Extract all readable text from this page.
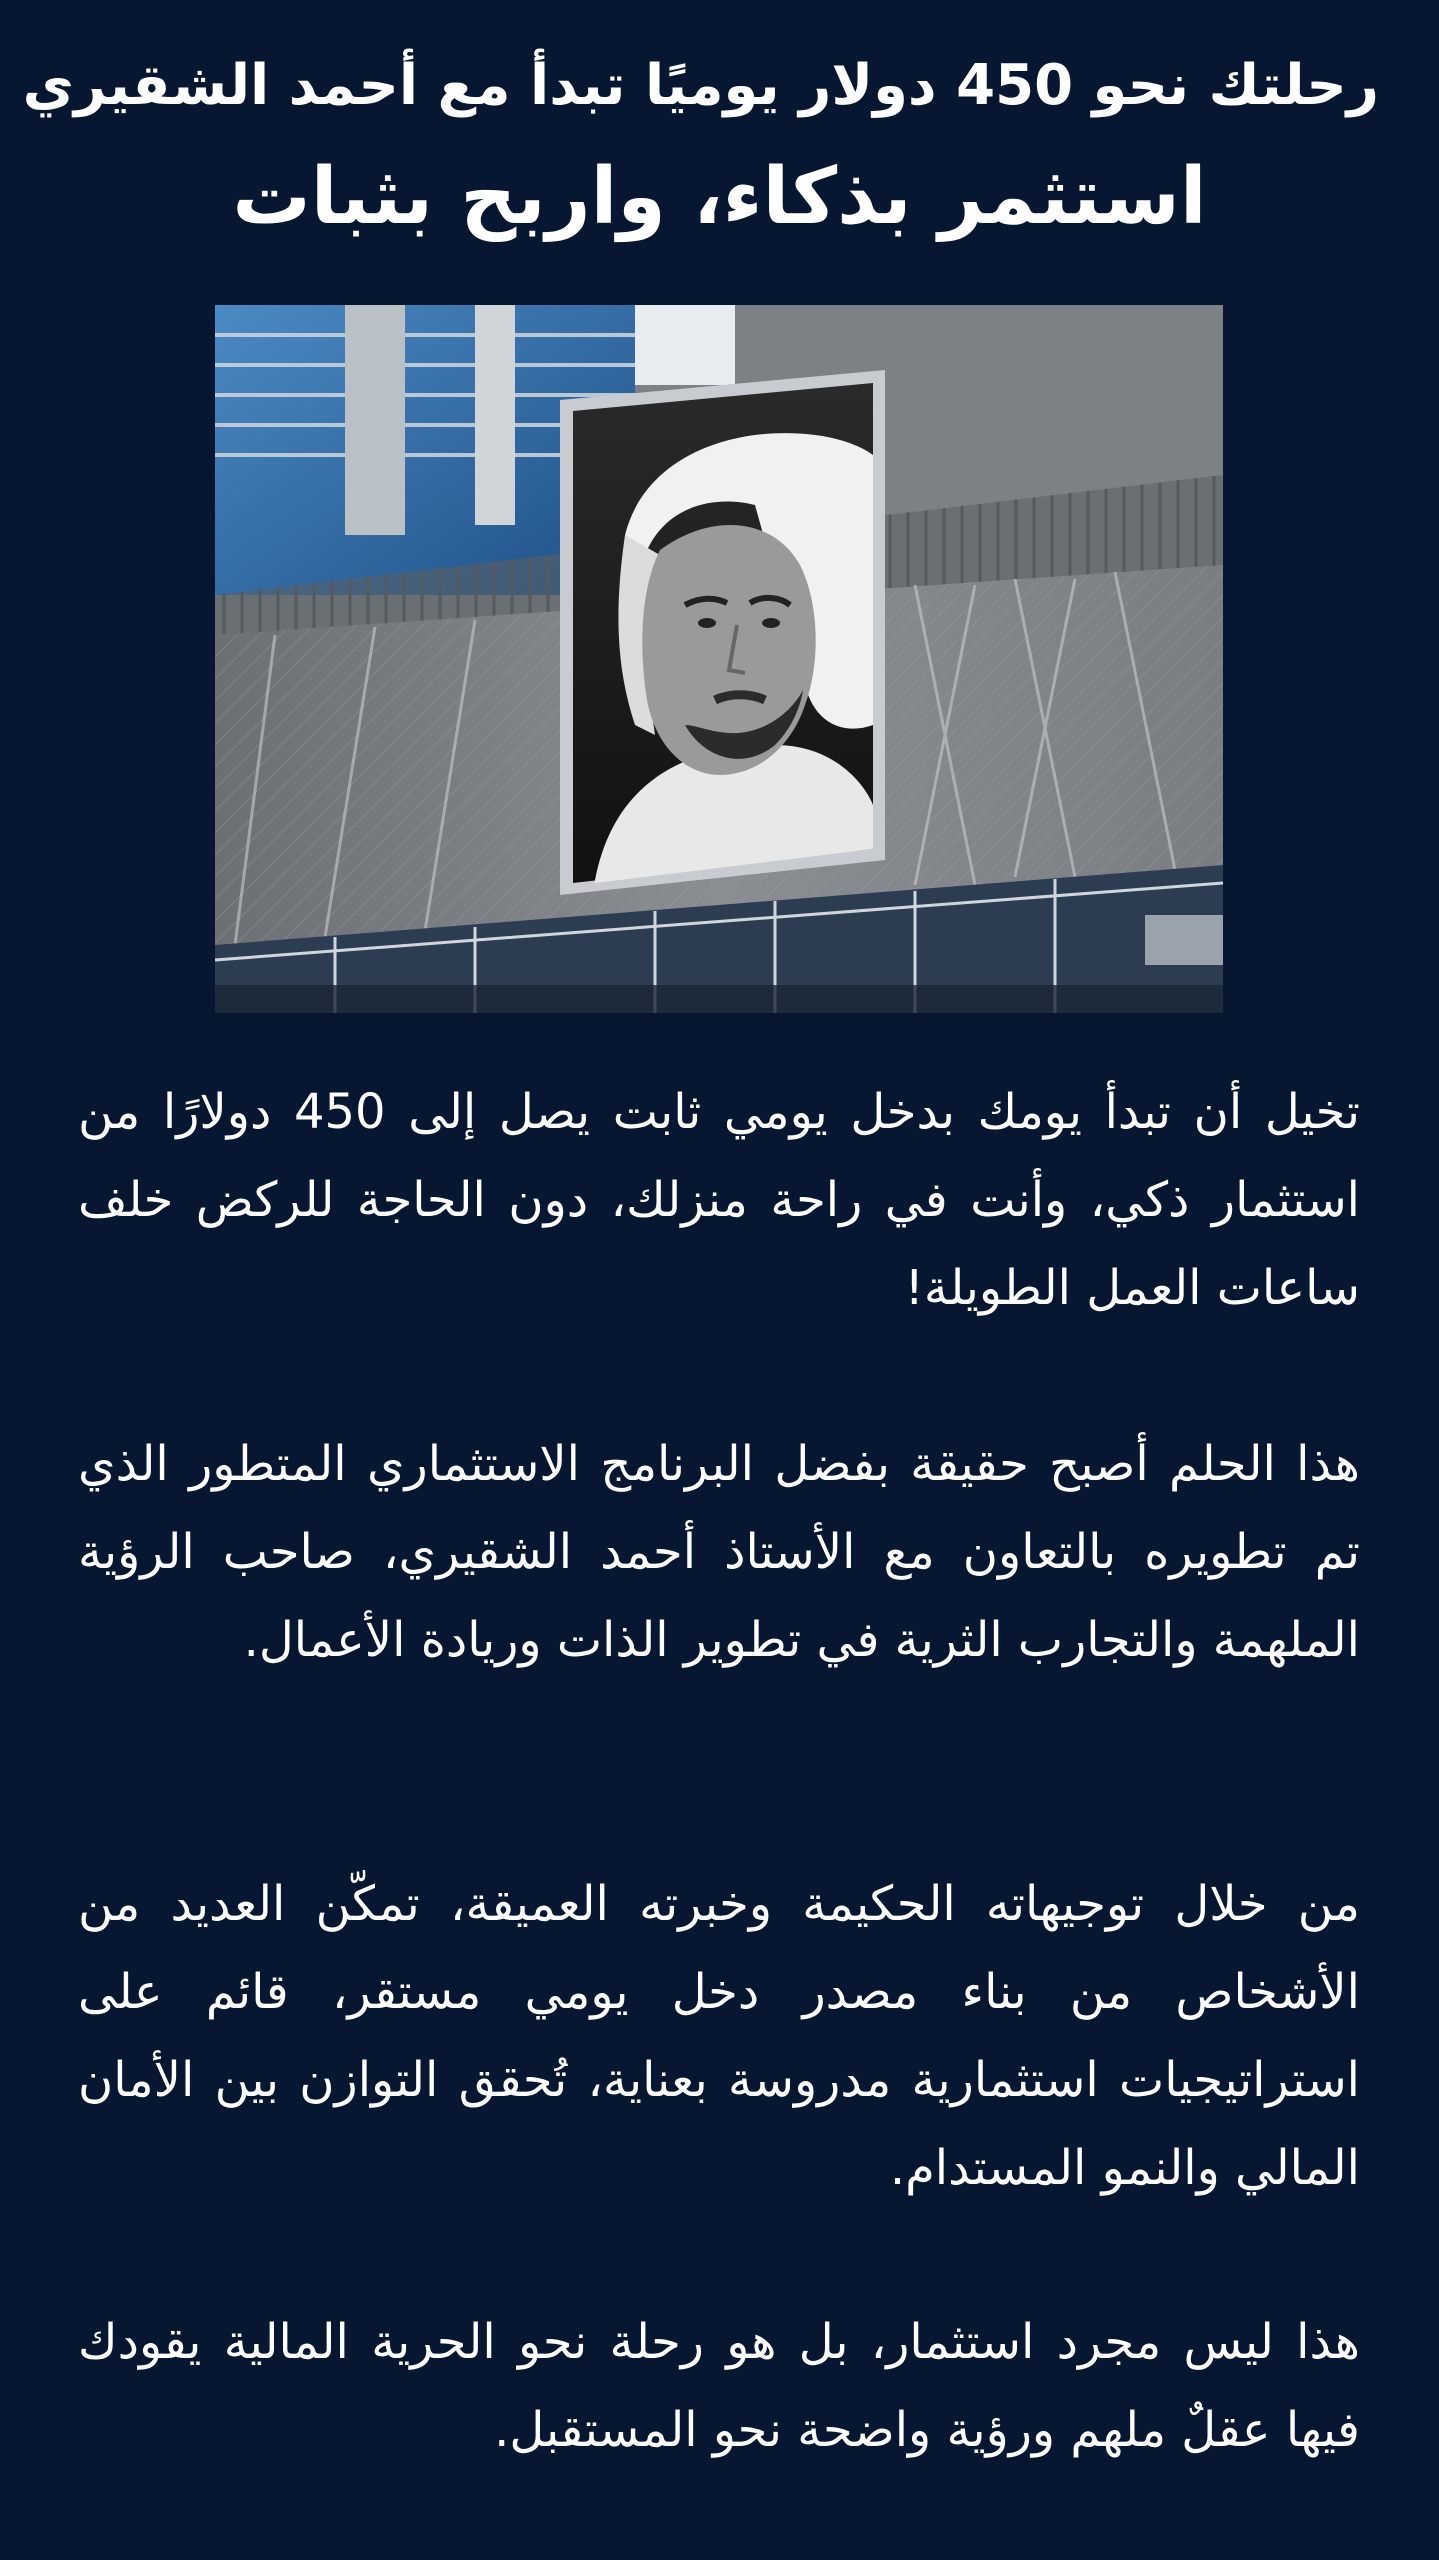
رحلتك نحو 450 دولار يوميًا تبدأ مع أحمد الشقيري
استثمر بذكاء، واربح بثبات

تخيل أن تبدأ يومك بدخل يومي ثابت يصل إلى 450 دولارًا من استثمار ذكي، وأنت في راحة منزلك، دون الحاجة للركض خلف ساعات العمل الطويلة!

هذا الحلم أصبح حقيقة بفضل البرنامج الاستثماري المتطور الذي تم تطويره بالتعاون مع الأستاذ أحمد الشقيري، صاحب الرؤية الملهمة والتجارب الثرية في تطوير الذات وريادة الأعمال.

من خلال توجيهاته الحكيمة وخبرته العميقة، تمكّن العديد من الأشخاص من بناء مصدر دخل يومي مستقر، قائم على استراتيجيات استثمارية مدروسة بعناية، تُحقق التوازن بين الأمان المالي والنمو المستدام.

هذا ليس مجرد استثمار، بل هو رحلة نحو الحرية المالية يقودك فيها عقلٌ ملهم ورؤية واضحة نحو المستقبل.
